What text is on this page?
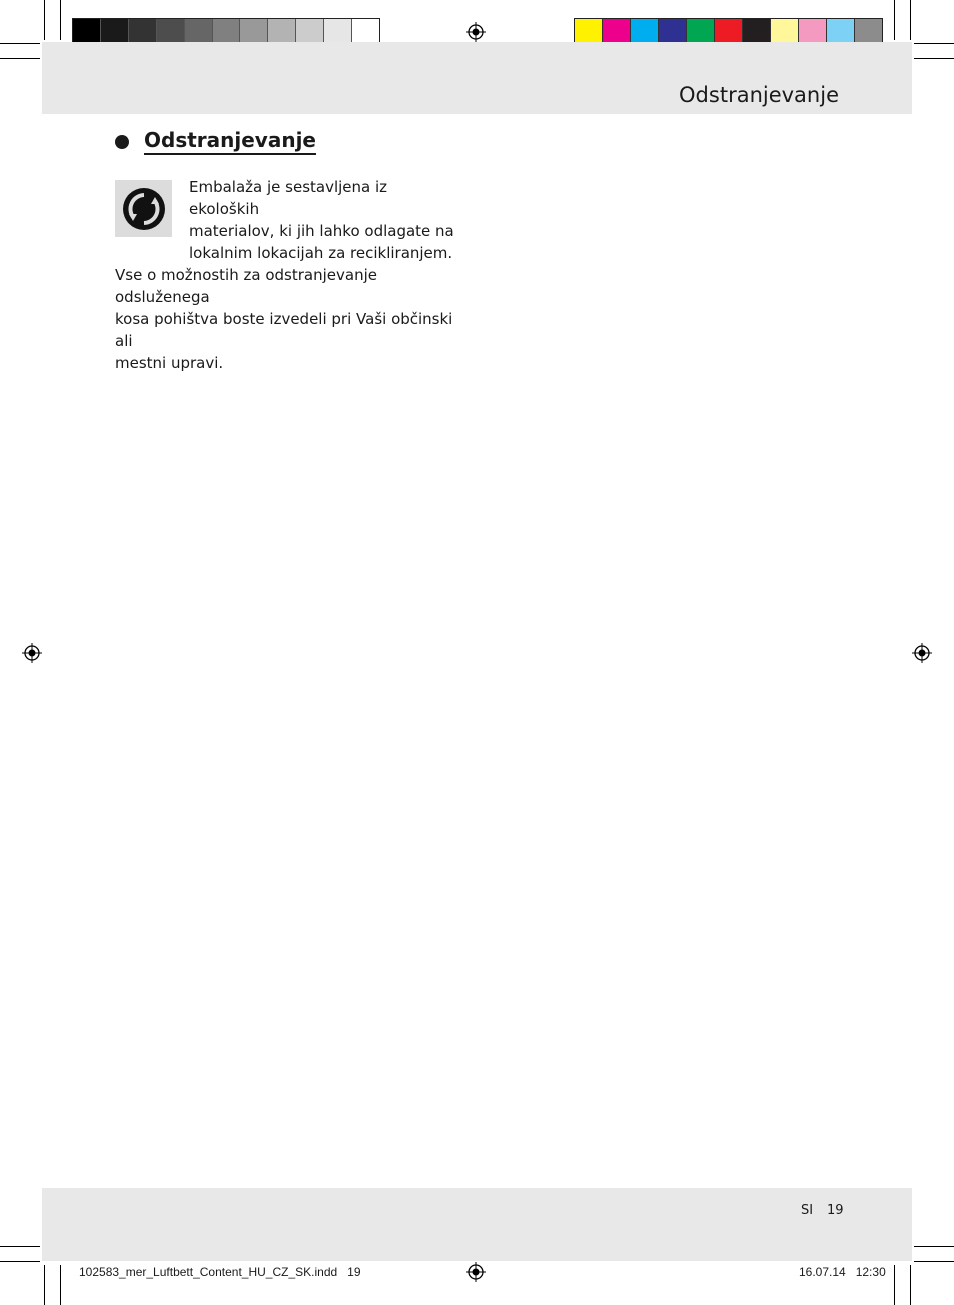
Odstranjevanje
Odstranjevanje
Embalaža je sestavljena iz ekoloških
materialov, ki jih lahko odlagate na
lokalnim lokacijah za recikliranjem.
Vse o možnostih za odstranjevanje odsluženega
kosa pohištva boste izvedeli pri Vaši občinski ali
mestni upravi.
SI 19
102583_mer_Luftbett_Content_HU_CZ_SK.indd   19	16.07.14   12:30
